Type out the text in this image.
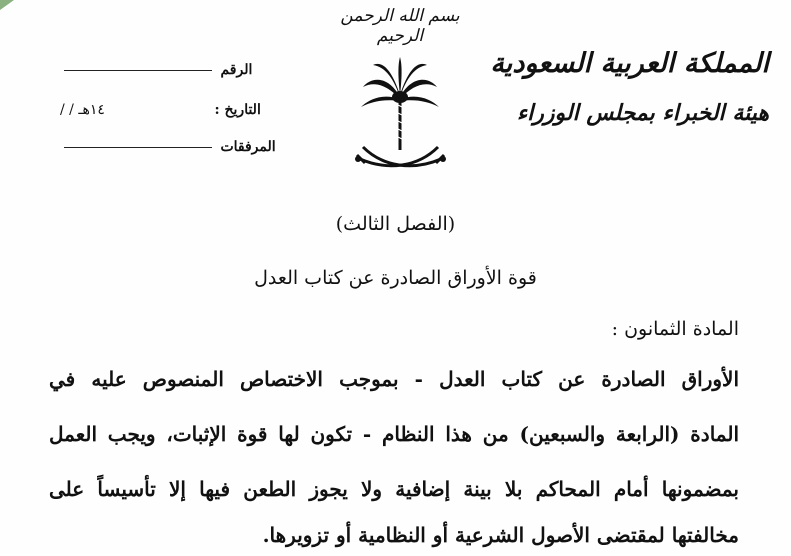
بسم الله الرحمن الرحيم
المملكة العربية السعودية
هيئة الخبراء بمجلس الوزراء
الرقم
التاريخ : / / ١٤هـ
المرفقات
(الفصل الثالث)
قوة الأوراق الصادرة عن كتاب العدل
المادة الثمانون :
الأوراق الصادرة عن كتاب العدل - بموجب الاختصاص المنصوص عليه في
المادة (الرابعة والسبعين) من هذا النظام - تكون لها قوة الإثبات، ويجب العمل
بمضمونها أمام المحاكم بلا بينة إضافية ولا يجوز الطعن فيها إلا تأسيساً على
مخالفتها لمقتضى الأصول الشرعية أو النظامية أو تزويرها.
